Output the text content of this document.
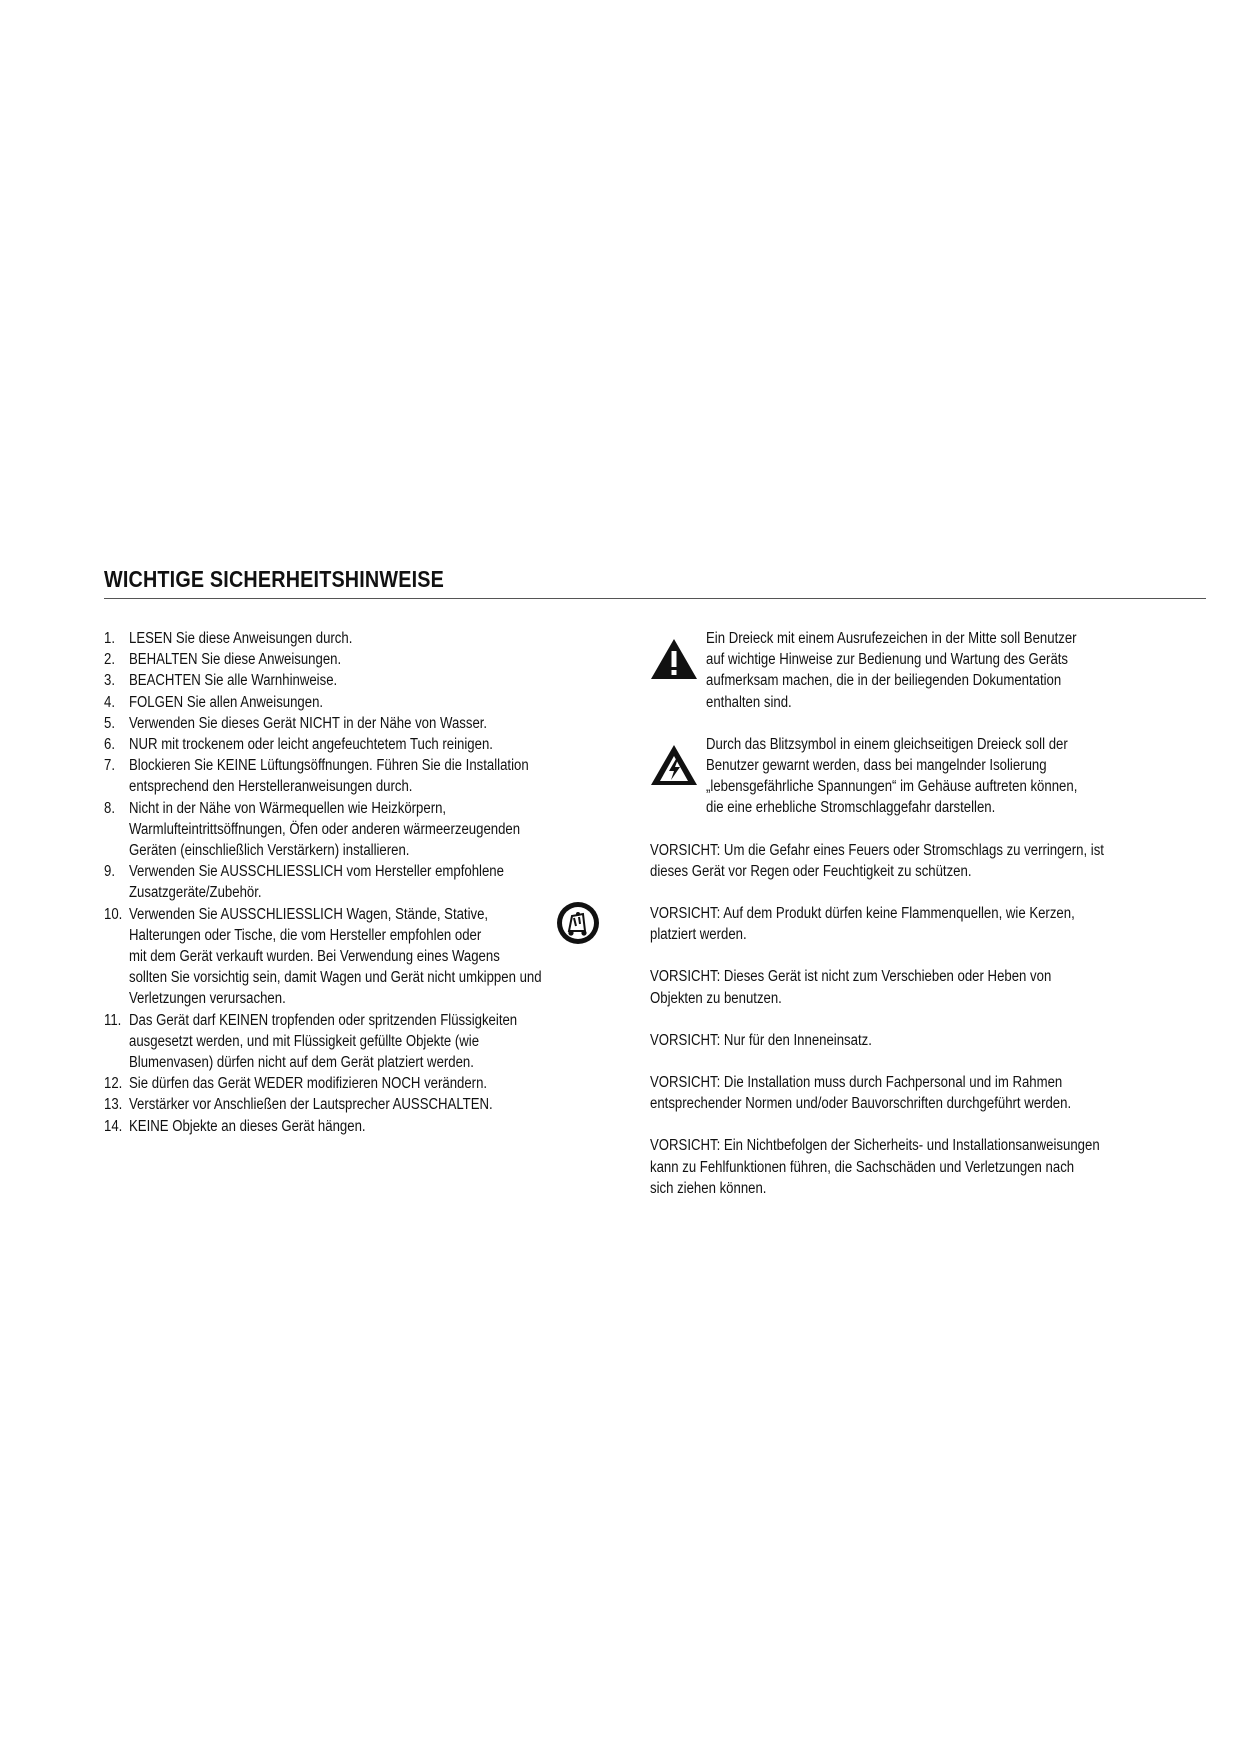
WICHTIGE SICHERHEITSHINWEISE
1. LESEN Sie diese Anweisungen durch.
2. BEHALTEN Sie diese Anweisungen.
3. BEACHTEN Sie alle Warnhinweise.
4. FOLGEN Sie allen Anweisungen.
5. Verwenden Sie dieses Gerät NICHT in der Nähe von Wasser.
6. NUR mit trockenem oder leicht angefeuchtetem Tuch reinigen.
7. Blockieren Sie KEINE Lüftungsöffnungen. Führen Sie die Installation
entsprechend den Herstelleranweisungen durch.
8. Nicht in der Nähe von Wärmequellen wie Heizkörpern,
Warmlufteintrittsöffnungen, Öfen oder anderen wärmeerzeugenden
Geräten (einschließlich Verstärkern) installieren.
9. Verwenden Sie AUSSCHLIESSLICH vom Hersteller empfohlene
Zusatzgeräte/Zubehör.
10. Verwenden Sie AUSSCHLIESSLICH Wagen, Stände, Stative,
Halterungen oder Tische, die vom Hersteller empfohlen oder
mit dem Gerät verkauft wurden. Bei Verwendung eines Wagens
sollten Sie vorsichtig sein, damit Wagen und Gerät nicht umkippen und
Verletzungen verursachen.
11. Das Gerät darf KEINEN tropfenden oder spritzenden Flüssigkeiten
ausgesetzt werden, und mit Flüssigkeit gefüllte Objekte (wie
Blumenvasen) dürfen nicht auf dem Gerät platziert werden.
12. Sie dürfen das Gerät WEDER modifizieren NOCH verändern.
13. Verstärker vor Anschließen der Lautsprecher AUSSCHALTEN.
14. KEINE Objekte an dieses Gerät hängen.
Ein Dreieck mit einem Ausrufezeichen in der Mitte soll Benutzer
auf wichtige Hinweise zur Bedienung und Wartung des Geräts
aufmerksam machen, die in der beiliegenden Dokumentation
enthalten sind.
Durch das Blitzsymbol in einem gleichseitigen Dreieck soll der
Benutzer gewarnt werden, dass bei mangelnder Isolierung
„lebensgefährliche Spannungen“ im Gehäuse auftreten können,
die eine erhebliche Stromschlaggefahr darstellen.
VORSICHT: Um die Gefahr eines Feuers oder Stromschlags zu verringern, ist
dieses Gerät vor Regen oder Feuchtigkeit zu schützen.
VORSICHT: Auf dem Produkt dürfen keine Flammenquellen, wie Kerzen,
platziert werden.
VORSICHT: Dieses Gerät ist nicht zum Verschieben oder Heben von
Objekten zu benutzen.
VORSICHT: Nur für den Inneneinsatz.
VORSICHT: Die Installation muss durch Fachpersonal und im Rahmen
entsprechender Normen und/oder Bauvorschriften durchgeführt werden.
VORSICHT: Ein Nichtbefolgen der Sicherheits- und Installationsanweisungen
kann zu Fehlfunktionen führen, die Sachschäden und Verletzungen nach
sich ziehen können.
